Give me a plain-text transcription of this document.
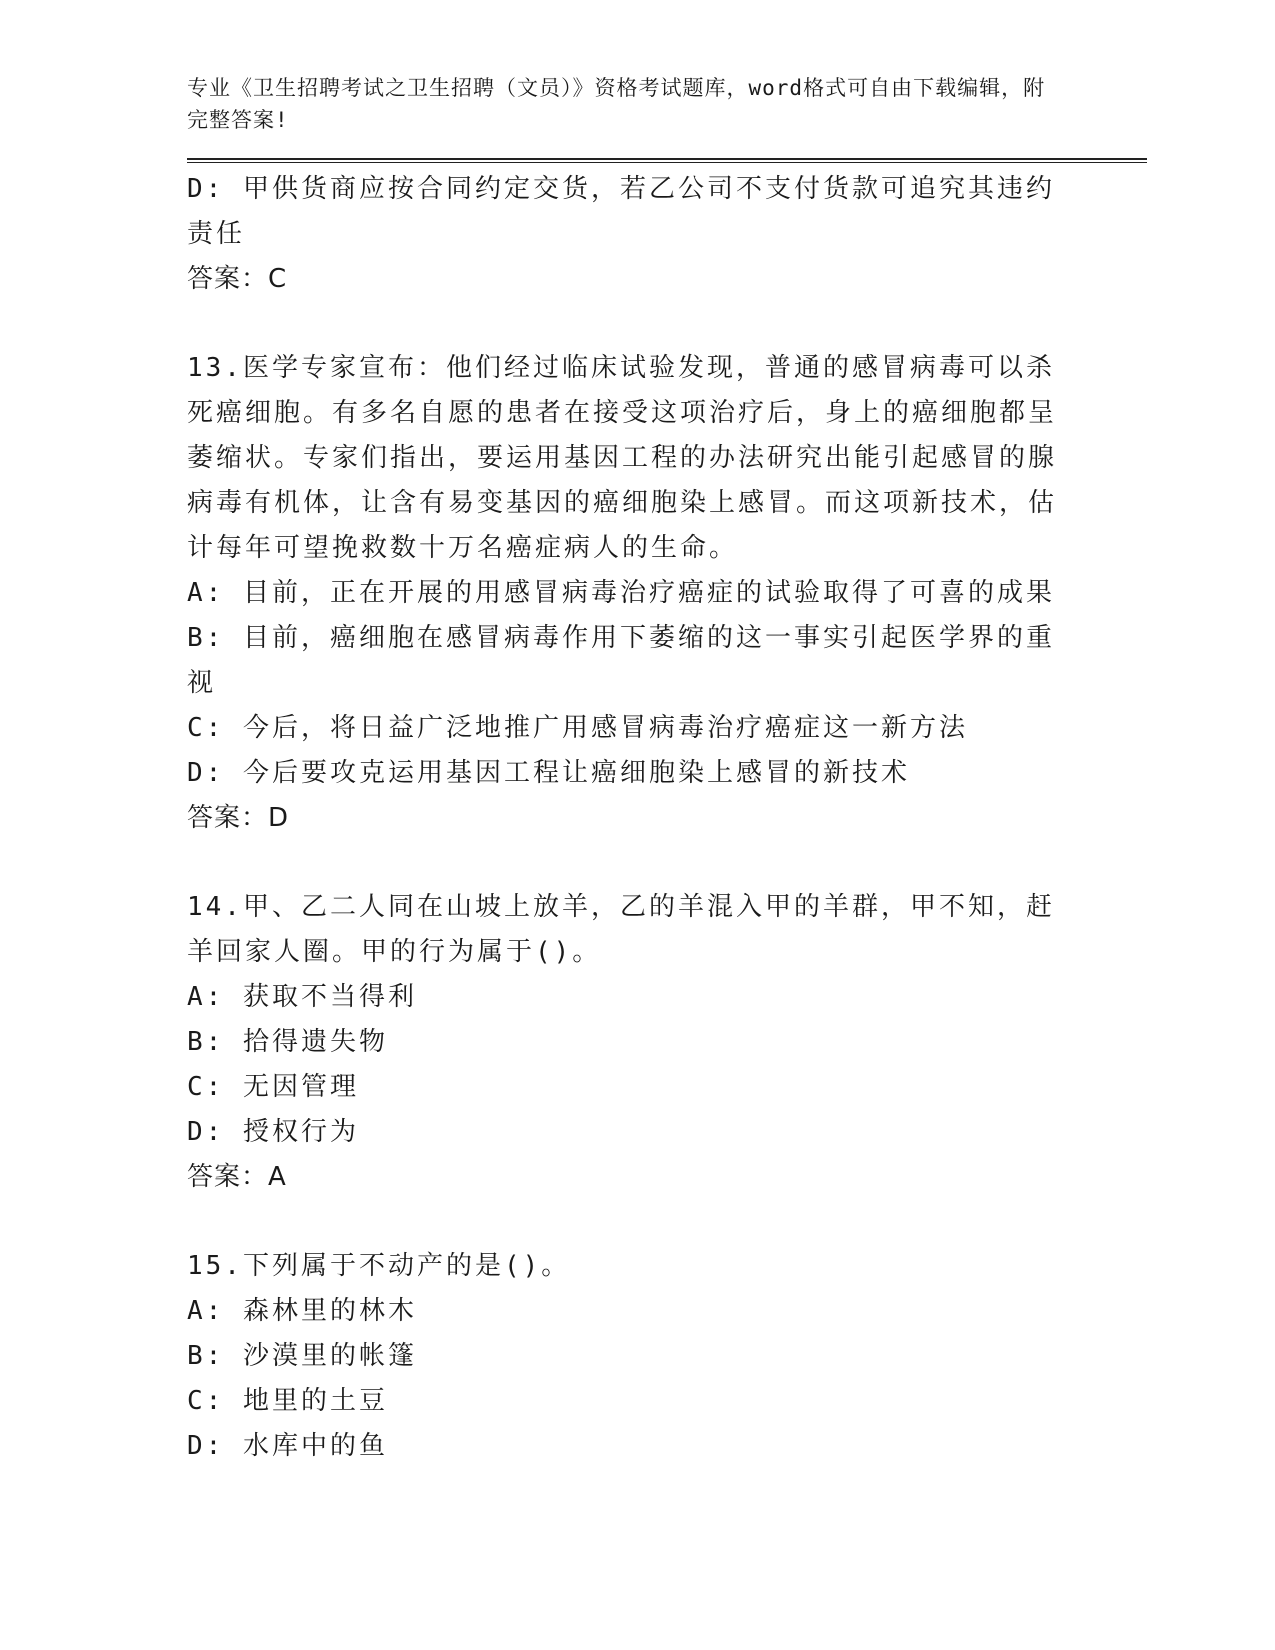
专业《卫生招聘考试之卫生招聘（文员）》资格考试题库，word格式可自由下载编辑，附完整答案!
D: 甲供货商应按合同约定交货，若乙公司不支付货款可追究其违约责任
答案：C
13.医学专家宣布：他们经过临床试验发现，普通的感冒病毒可以杀死癌细胞。有多名自愿的患者在接受这项治疗后，身上的癌细胞都呈萎缩状。专家们指出，要运用基因工程的办法研究出能引起感冒的腺病毒有机体，让含有易变基因的癌细胞染上感冒。而这项新技术，估计每年可望挽救数十万名癌症病人的生命。
A: 目前，正在开展的用感冒病毒治疗癌症的试验取得了可喜的成果
B: 目前，癌细胞在感冒病毒作用下萎缩的这一事实引起医学界的重视
C: 今后，将日益广泛地推广用感冒病毒治疗癌症这一新方法
D: 今后要攻克运用基因工程让癌细胞染上感冒的新技术
答案：D
14.甲、乙二人同在山坡上放羊，乙的羊混入甲的羊群，甲不知，赶羊回家人圈。甲的行为属于()。
A: 获取不当得利
B: 拾得遗失物
C: 无因管理
D: 授权行为
答案：A
15.下列属于不动产的是()。
A: 森林里的林木
B: 沙漠里的帐篷
C: 地里的土豆
D: 水库中的鱼
